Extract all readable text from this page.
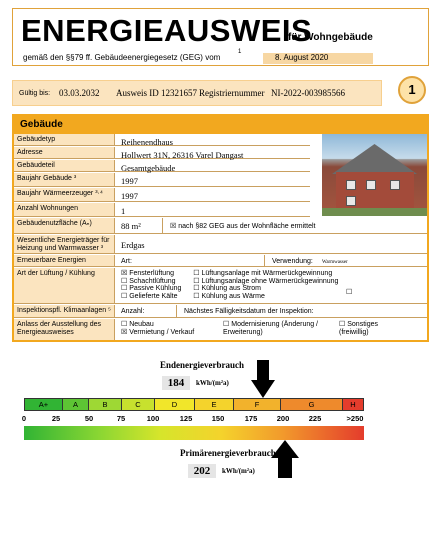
ENERGIEAUSWEIS
für Wohngebäude
gemäß den §§79 ff. Gebäudeenergiegesetz (GEG) vom
1
8. August 2020
Gültig bis: 03.03.2032 Ausweis ID 12321657 Registriernummer NI-2022-003985566	1
Gebäude
Gebäudetyp	Reihenendhaus
Adresse	Hollwert 31N, 26316 Varel Dangast
Gebäudeteil	Gesamtgebäude
Baujahr Gebäude ³	1997
Baujahr Wärmeerzeuger ³·⁴	1997
Anzahl Wohnungen	1
Gebäudenutzfläche (Aₙ)	88 m²	☒ nach §82 GEG aus der Wohnfläche ermittelt
Wesentliche Energieträger für Heizung und Warmwasser ³	Erdgas
Erneuerbare Energien	Art:	Verwendung:	Warmwasser
Art der Lüftung / Kühlung	☒ Fensterlüftung	☐ Lüftungsanlage mit Wärmerückgewinnung
☐ Schachtlüftung	☐ Lüftungsanlage ohne Wärmerückgewinnung
☐ Passive Kühlung ☐ Kühlung aus Strom
☐ Gelieferte Kälte ☐ Kühlung aus Wärme	☐
Inspektionspfl. Klimaanlagen ⁵	Anzahl:	Nächstes Fälligkeitsdatum der Inspektion:
Anlass der Ausstellung des Energieausweises
☐ Neubau
☒ Vermietung / Verkauf
☐ Modernisierung (Änderung / Erweiterung)
☐ Sonstiges (freiwillig)
Endenergieverbrauch
184	kWh/(m²a)
A+	A	B	C	D	E	F	G	H
0	25	50	75	100	125	150	175	200	225	>250
Primärenergieverbrauch
202	kWh/(m²a)
